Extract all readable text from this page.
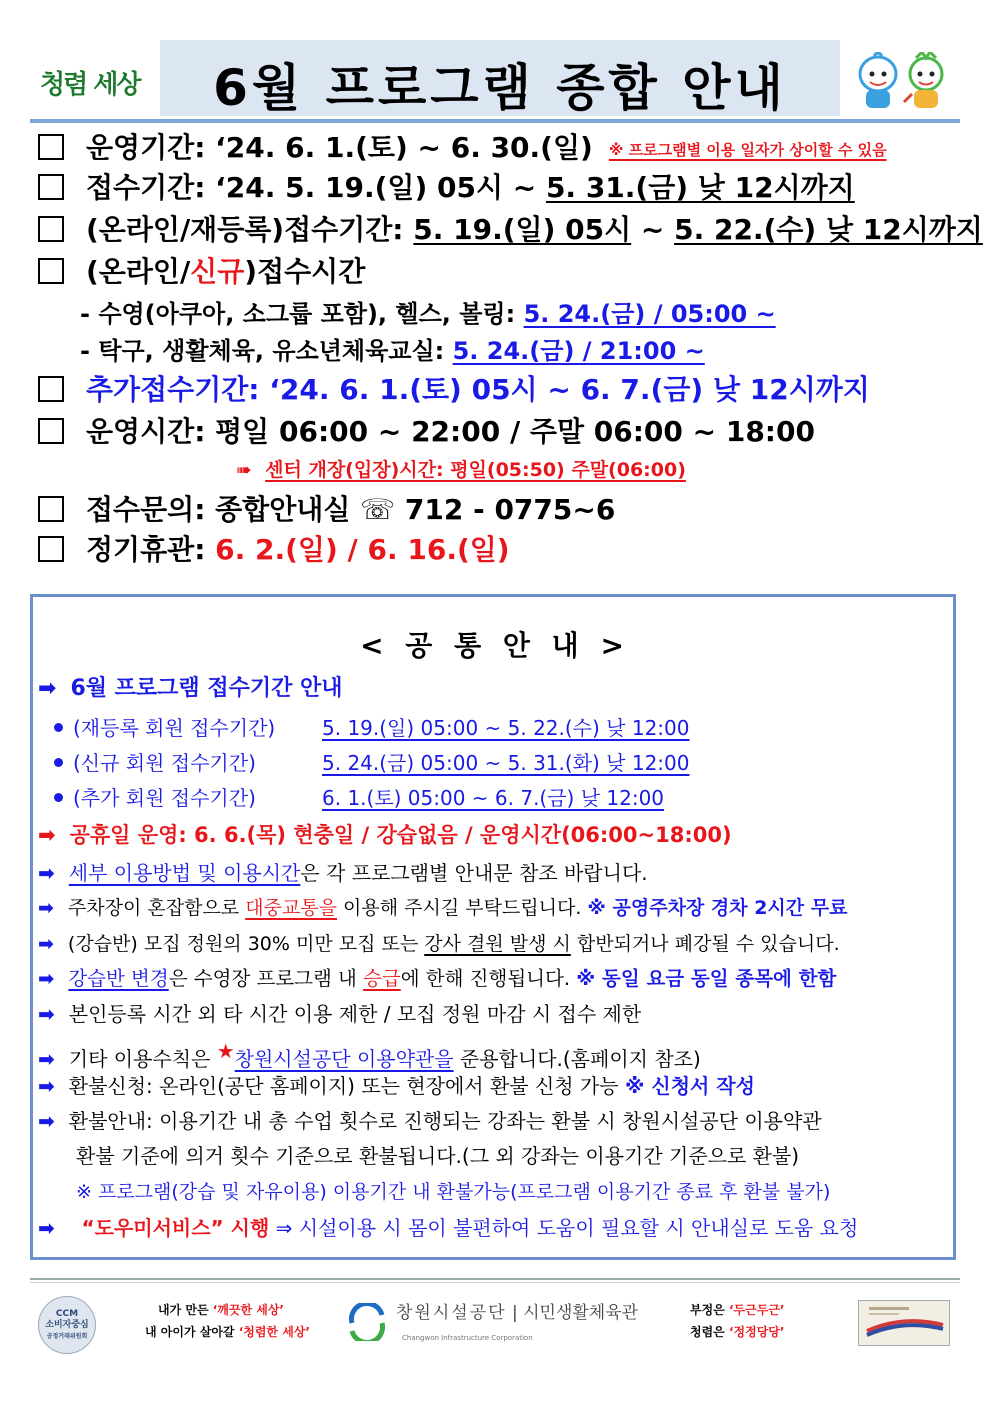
청렴 세상	6월 프로그램 종합 안내
운영기간: ‘24. 6. 1.(토) ~ 6. 30.(일) ※ 프로그램별 이용 일자가 상이할 수 있음
접수기간: ‘24. 5. 19.(일) 05시 ~ 5. 31.(금) 낮 12시까지
(온라인/재등록)접수기간: 5. 19.(일) 05시 ~ 5. 22.(수) 낮 12시까지
(온라인/신규)접수시간
- 수영(아쿠아, 소그룹 포함), 헬스, 볼링: 5. 24.(금) / 05:00 ~
- 탁구, 생활체육, 유소년체육교실: 5. 24.(금) / 21:00 ~
추가접수기간: ‘24. 6. 1.(토) 05시 ~ 6. 7.(금) 낮 12시까지
운영시간: 평일 06:00 ~ 22:00 / 주말 06:00 ~ 18:00
➠ 센터 개장(입장)시간: 평일(05:50) 주말(06:00)
접수문의: 종합안내실 ☏ 712 - 0775~6
정기휴관: 6. 2.(일) / 6. 16.(일)
< 공 통 안 내 >
➡ 6월 프로그램 접수기간 안내
(재등록 회원 접수기간) 5. 19.(일) 05:00 ~ 5. 22.(수) 낮 12:00
(신규 회원 접수기간)	5. 24.(금) 05:00 ~ 5. 31.(화) 낮 12:00
(추가 회원 접수기간)	6. 1.(토) 05:00 ~ 6. 7.(금) 낮 12:00
➡ 공휴일 운영: 6. 6.(목) 현충일 / 강습없음 / 운영시간(06:00~18:00)
➡ 세부 이용방법 및 이용시간은 각 프로그램별 안내문 참조 바랍니다.
➡ 주차장이 혼잡함으로 대중교통을 이용해 주시길 부탁드립니다. ※ 공영주차장 경차 2시간 무료
➡ (강습반) 모집 정원의 30% 미만 모집 또는 강사 결원 발생 시 합반되거나 폐강될 수 있습니다.
➡ 강습반 변경은 수영장 프로그램 내 승급에 한해 진행됩니다. ※ 동일 요금 동일 종목에 한함
➡ 본인등록 시간 외 타 시간 이용 제한 / 모집 정원 마감 시 접수 제한
➡ 기타 이용수칙은 ★창원시설공단 이용약관을 준용합니다.(홈페이지 참조)
➡ 환불신청: 온라인(공단 홈페이지) 또는 현장에서 환불 신청 가능 ※ 신청서 작성
➡ 환불안내: 이용기간 내 총 수업 횟수로 진행되는 강좌는 환불 시 창원시설공단 이용약관
환불 기준에 의거 횟수 기준으로 환불됩니다.(그 외 강좌는 이용기간 기준으로 환불)
※ 프로그램(강습 및 자유이용) 이용기간 내 환불가능(프로그램 이용기간 종료 후 환불 불가)
➡ “도우미서비스” 시행 ⇒ 시설이용 시 몸이 불편하여 도움이 필요할 시 안내실로 도움 요청
CCM
소비자중심
공정거래위원회
내가 만든 ‘깨끗한 세상’
내 아이가 살아갈 ‘청렴한 세상’
창원시설공단 | 시민생활체육관
Changwon Infrastructure Corporation
부정은 ‘두근두근’
청렴은 ‘정정당당’
